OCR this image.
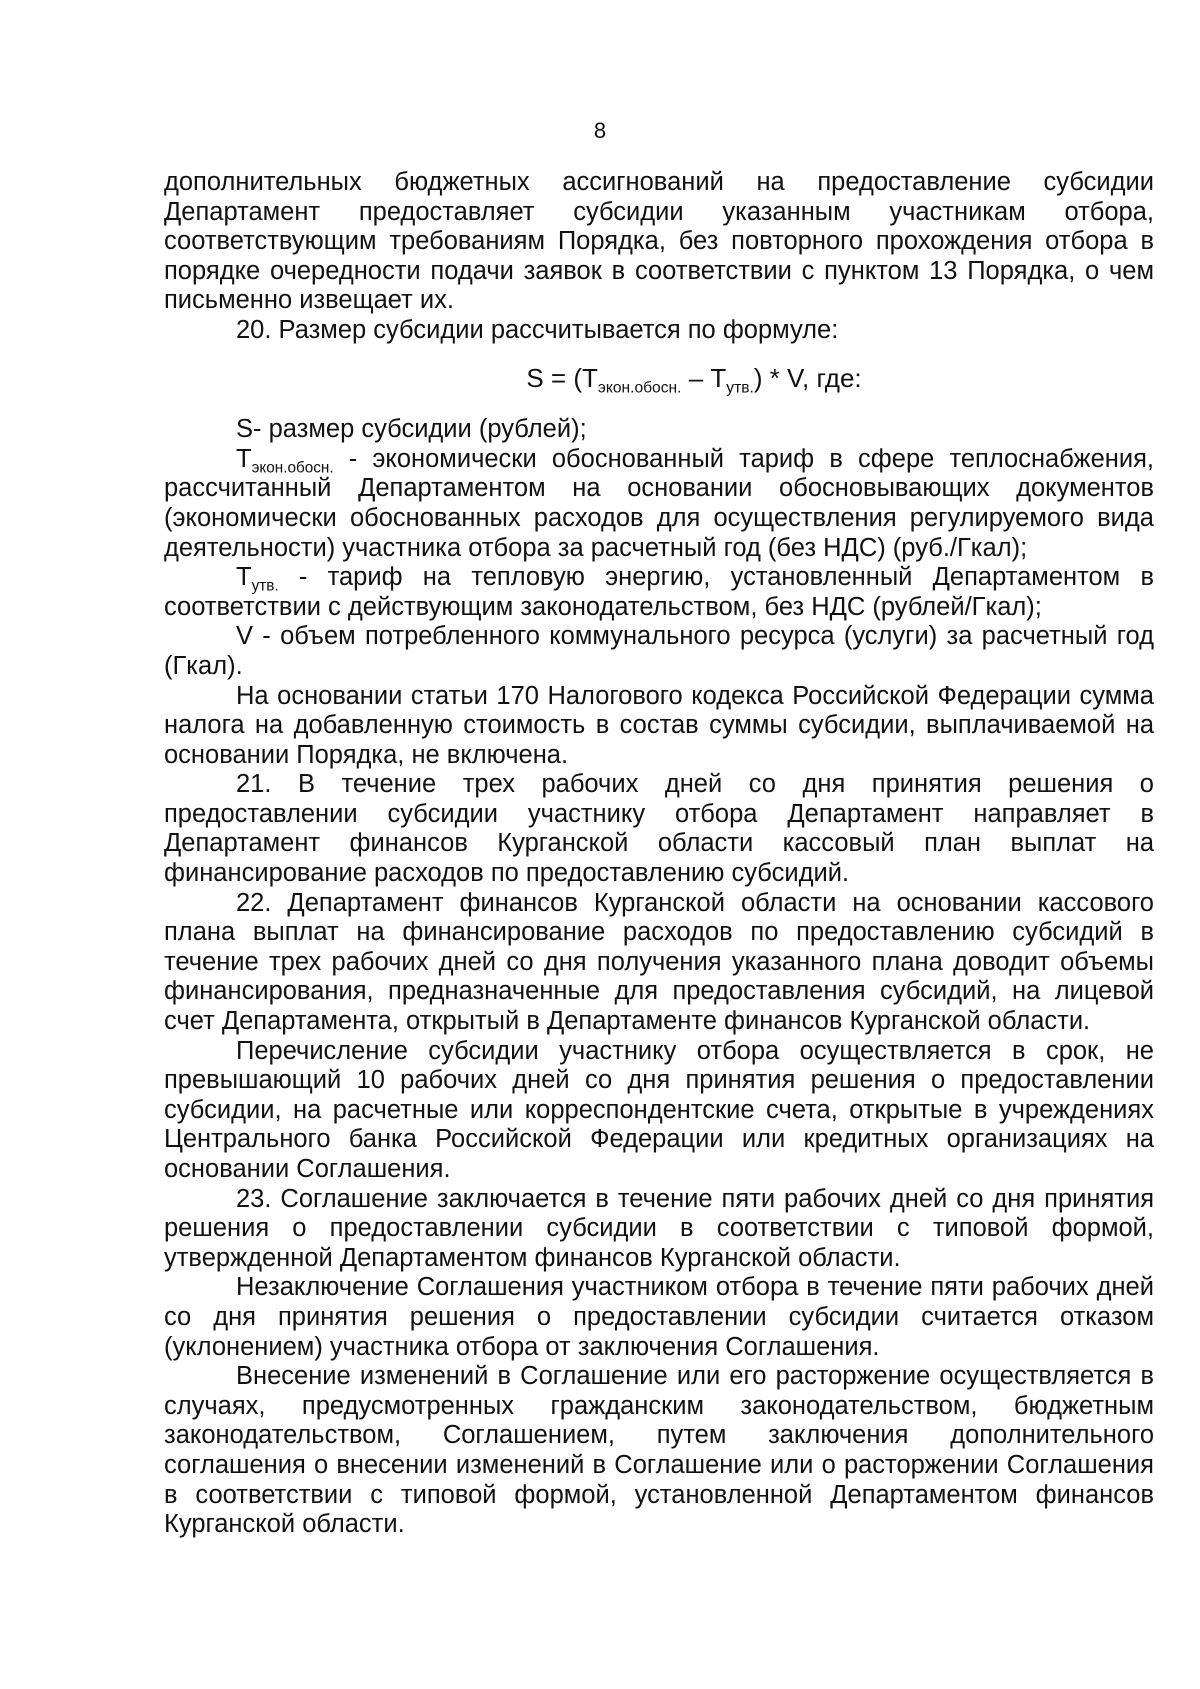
8

дополнительных бюджетных ассигнований на предоставление субсидии Департамент предоставляет субсидии указанным участникам отбора, соответствующим требованиям Порядка, без повторного прохождения отбора в порядке очередности подачи заявок в соответствии с пунктом 13 Порядка, о чем письменно извещает их.

20. Размер субсидии рассчитывается по формуле:

$S = (T_{экон.обосн.} - T_{утв.}) * V$, где:

S- размер субсидии (рублей);

$T_{экон.обосн.}$ - экономически обоснованный тариф в сфере теплоснабжения, рассчитанный Департаментом на основании обосновывающих документов (экономически обоснованных расходов для осуществления регулируемого вида деятельности) участника отбора за расчетный год (без НДС) (руб./Гкал);

$T_{утв.}$ - тариф на тепловую энергию, установленный Департаментом в соответствии с действующим законодательством, без НДС (рублей/Гкал);

V - объем потребленного коммунального ресурса (услуги) за расчетный год (Гкал).

На основании статьи 170 Налогового кодекса Российской Федерации сумма налога на добавленную стоимость в состав суммы субсидии, выплачиваемой на основании Порядка, не включена.

21. В течение трех рабочих дней со дня принятия решения о предоставлении субсидии участнику отбора Департамент направляет в Департамент финансов Курганской области кассовый план выплат на финансирование расходов по предоставлению субсидий.

22. Департамент финансов Курганской области на основании кассового плана выплат на финансирование расходов по предоставлению субсидий в течение трех рабочих дней со дня получения указанного плана доводит объемы финансирования, предназначенные для предоставления субсидий, на лицевой счет Департамента, открытый в Департаменте финансов Курганской области.

Перечисление субсидии участнику отбора осуществляется в срок, не превышающий 10 рабочих дней со дня принятия решения о предоставлении субсидии, на расчетные или корреспондентские счета, открытые в учреждениях Центрального банка Российской Федерации или кредитных организациях на основании Соглашения.

23. Соглашение заключается в течение пяти рабочих дней со дня принятия решения о предоставлении субсидии в соответствии с типовой формой, утвержденной Департаментом финансов Курганской области.

Незаключение Соглашения участником отбора в течение пяти рабочих дней со дня принятия решения о предоставлении субсидии считается отказом (уклонением) участника отбора от заключения Соглашения.

Внесение изменений в Соглашение или его расторжение осуществляется в случаях, предусмотренных гражданским законодательством, бюджетным законодательством, Соглашением, путем заключения дополнительного соглашения о внесении изменений в Соглашение или о расторжении Соглашения в соответствии с типовой формой, установленной Департаментом финансов Курганской области.
